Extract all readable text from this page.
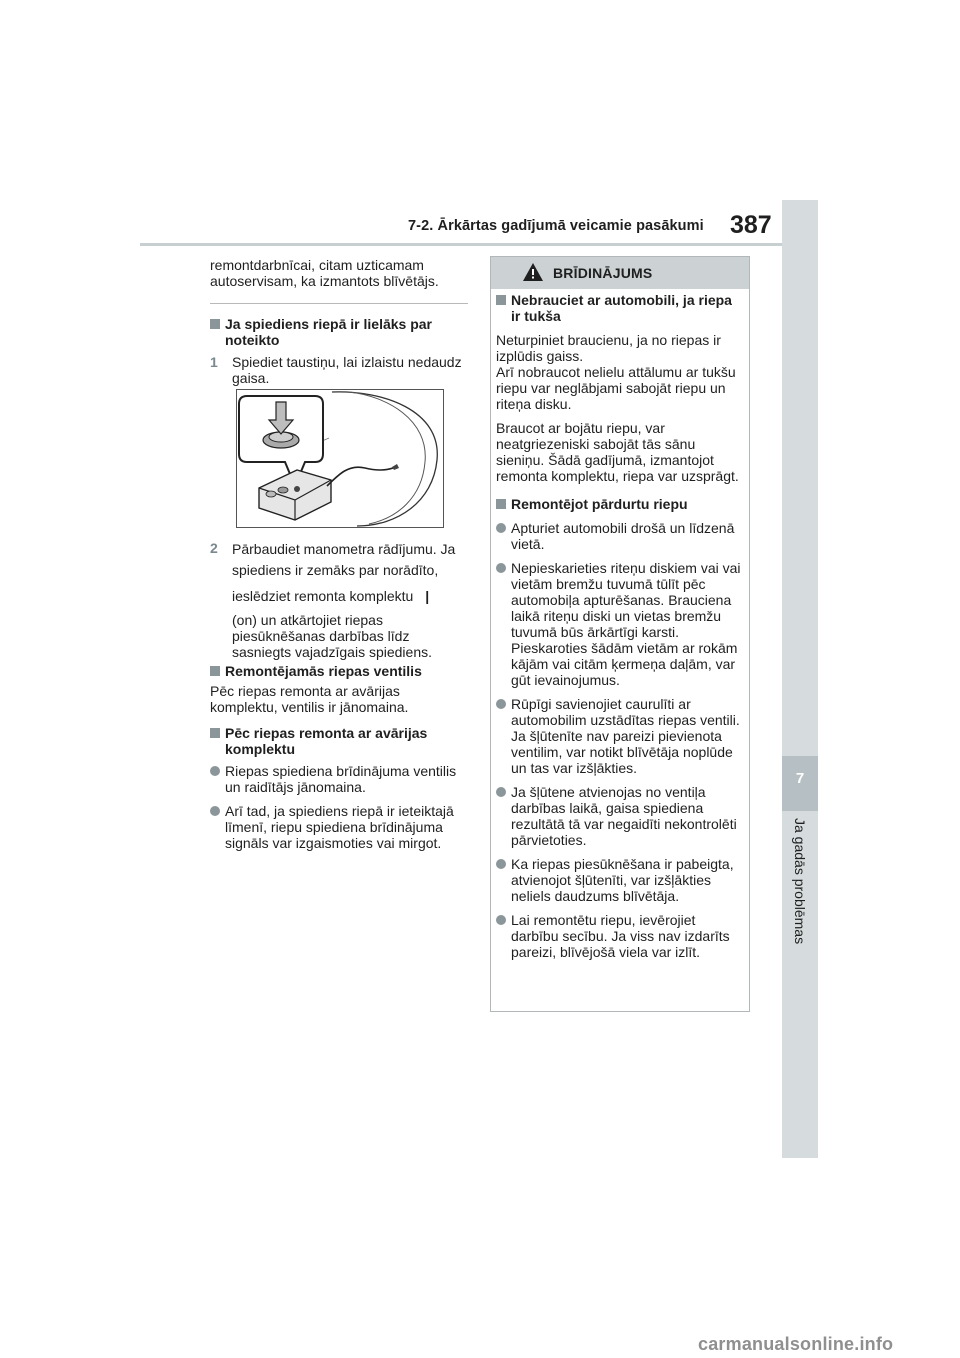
7-2. Ārkārtas gadījumā veicamie pasākumi 387
7
Ja gadās problēmas

remontdarbnīcai, citam uzticamam autoservisam, ka izmantots blīvētājs.

Ja spiediens riepā ir lielāks par noteikto
1 Spiediet taustiņu, lai izlaistu nedaudz gaisa.
2 Pārbaudiet manometra rādījumu. Ja
spiediens ir zemāks par norādīto,
ieslēdziet remonta komplektu |
(on) un atkārtojiet riepas
piesūknēšanas darbības līdz
sasniegts vajadzīgais spiediens.
Remontējamās riepas ventilis

Pēc riepas remonta ar avārijas komplektu, ventilis ir jānomaina.

Pēc riepas remonta ar avārijas komplektu
Riepas spiediena brīdinājuma ventilis un raidītājs jānomaina.
Arī tad, ja spiediens riepā ir ieteiktajā līmenī, riepu spiediena brīdinājuma signāls var izgaismoties vai mirgot.
BRĪDINĀJUMS
Nebrauciet ar automobili, ja riepa ir tukša

Neturpiniet braucienu, ja no riepas ir izplūdis gaiss.

Arī nobraucot nelielu attālumu ar tukšu riepu var neglābjami sabojāt riepu un riteņa disku.

Braucot ar bojātu riepu, var neatgriezeniski sabojāt tās sānu sieniņu. Šādā gadījumā, izmantojot remonta komplektu, riepa var uzsprāgt.

Remontējot pārdurtu riepu
Apturiet automobili drošā un līdzenā vietā.
Nepieskarieties riteņu diskiem vai vai vietām bremžu tuvumā tūlīt pēc automobiļa apturēšanas. Brauciena laikā riteņu diski un vietas bremžu tuvumā būs ārkārtīgi karsti. Pieskaroties šādām vietām ar rokām kājām vai citām ķermeņa daļām, var gūt ievainojumus.
Rūpīgi savienojiet caurulīti ar automobilim uzstādītas riepas ventili. Ja šļūtenīte nav pareizi pievienota ventilim, var notikt blīvētāja noplūde un tas var izšļākties.
Ja šļūtene atvienojas no ventiļa darbības laikā, gaisa spiediena rezultātā tā var negaidīti nekontrolēti pārvietoties.
Ka riepas piesūknēšana ir pabeigta, atvienojot šļūtenīti, var izšļākties neliels daudzums blīvētāja.
Lai remontētu riepu, ievērojiet darbību secību. Ja viss nav izdarīts pareizi, blīvējošā viela var izlīt.
carmanualsonline.info
